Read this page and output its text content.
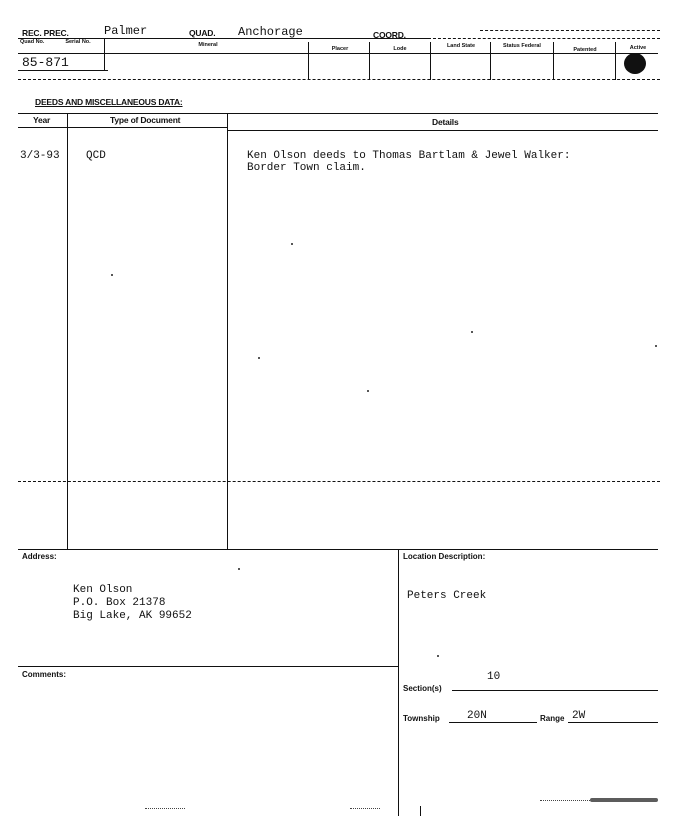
REC. PREC.	Palmer	QUAD. Anchorage	COORD.
Quad No.	Serial No.	Mineral
Placer	Lode	Land State	Status Federal
Patented	Active
85-871
DEEDS AND MISCELLANEOUS DATA:
Year	Type of Document	Details
3/3-93 QCD	Ken Olson deeds to Thomas Bartlam & Jewel Walker:
Border Town claim.
Address:
Ken Olson
P.O. Box 21378
Big Lake, AK 99652
Location Description:
Peters Creek
Comments:
Section(s)
10
Township 20N	Range 2W
